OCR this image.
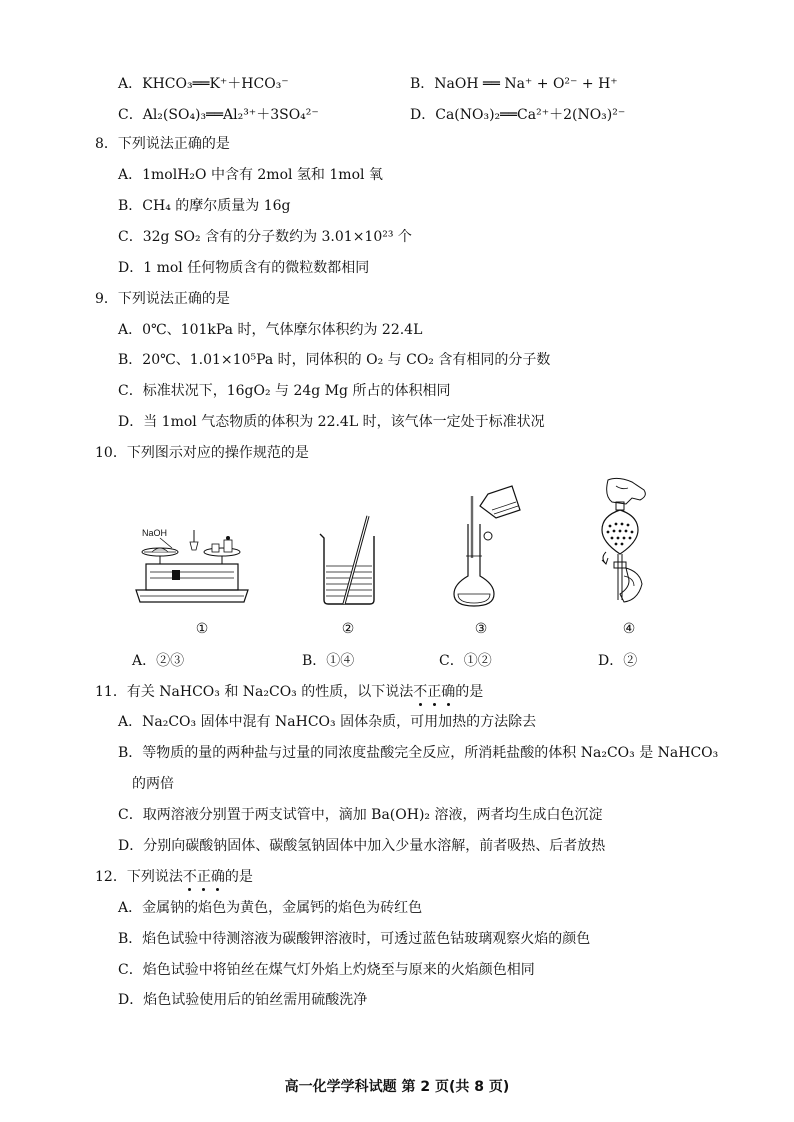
A．KHCO₃══K⁺＋HCO₃⁻	B．NaOH ══ Na⁺ + O²⁻ + H⁺
C．Al₂(SO₄)₃══Al₂³⁺＋3SO₄²⁻	D．Ca(NO₃)₂══Ca²⁺＋2(NO₃)²⁻
8．下列说法正确的是
A．1molH₂O 中含有 2mol 氢和 1mol 氧
B．CH₄ 的摩尔质量为 16g
C．32g SO₂ 含有的分子数约为 3.01×10²³ 个
D．1 mol 任何物质含有的微粒数都相同
9．下列说法正确的是
A．0℃、101kPa 时，气体摩尔体积约为 22.4L
B．20℃、1.01×10⁵Pa 时，同体积的 O₂ 与 CO₂ 含有相同的分子数
C．标准状况下，16gO₂ 与 24g Mg 所占的体积相同
D．当 1mol 气态物质的体积为 22.4L 时，该气体一定处于标准状况
10．下列图示对应的操作规范的是
NaOH
①	②	③	④
A．②③	B．①④	C．①②	D．②
11．有关 NaHCO₃ 和 Na₂CO₃ 的性质，以下说法不
正
确
的是
A．Na₂CO₃ 固体中混有 NaHCO₃ 固体杂质，可用加热的方法除去
B．等物质的量的两种盐与过量的同浓度盐酸完全反应，所消耗盐酸的体积 Na₂CO₃ 是 NaHCO₃
的两倍
C．取两溶液分别置于两支试管中，滴加 Ba(OH)₂ 溶液，两者均生成白色沉淀
D．分别向碳酸钠固体、碳酸氢钠固体中加入少量水溶解，前者吸热、后者放热
12．下列说法不
正
确
的是
A．金属钠的焰色为黄色，金属钙的焰色为砖红色
B．焰色试验中待测溶液为碳酸钾溶液时，可透过蓝色钴玻璃观察火焰的颜色
C．焰色试验中将铂丝在煤气灯外焰上灼烧至与原来的火焰颜色相同
D．焰色试验使用后的铂丝需用硫酸洗净
高一化学学科试题 第 2 页(共 8 页)
